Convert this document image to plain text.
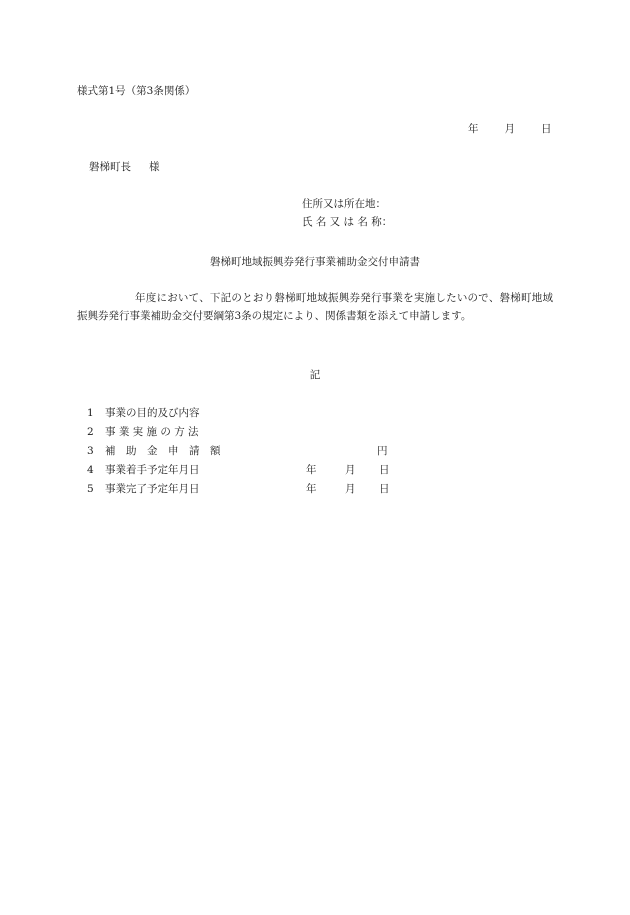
様式第1号（第3条関係）
年 月 日
磐梯町長 様
住所又は所在地：
氏 名 又 は 名 称：
磐梯町地域振興券発行事業補助金交付申請書
年度において、下記のとおり磐梯町地域振興券発行事業を実施したいので、磐梯町地域振興券発行事業補助金交付要綱第3条の規定により、関係書類を添えて申請します。
記
1 事業の目的及び内容
2 事 業 実 施 の 方 法
3 補　助　金　申　請　額	円
4 事業着手予定年月日	年	月 日
5 事業完了予定年月日	年	月 日
